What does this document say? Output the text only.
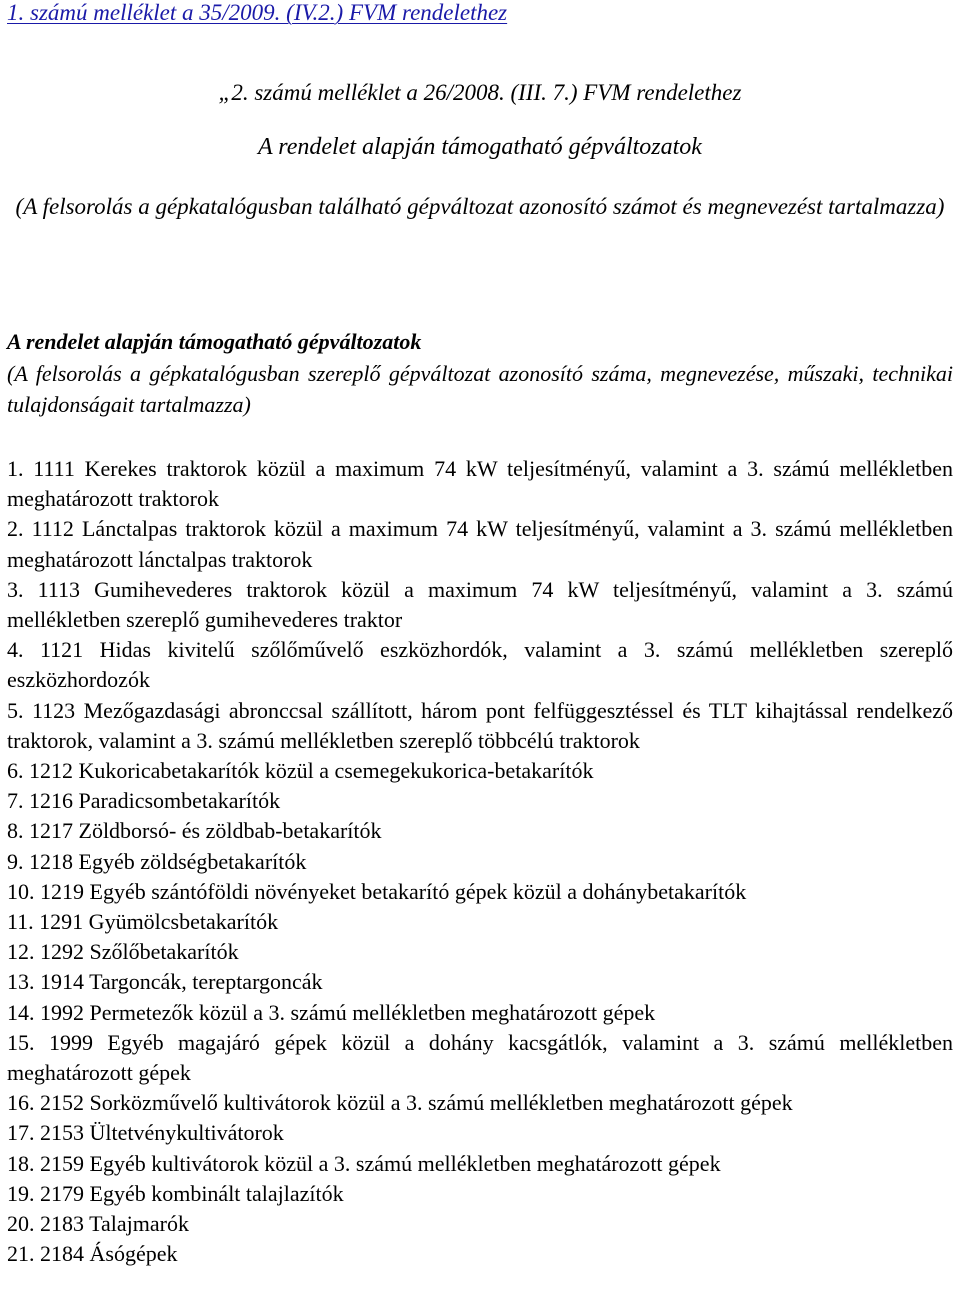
1. számú melléklet a 35/2009. (IV.2.) FVM rendelethez
„2. számú melléklet a 26/2008. (III. 7.) FVM rendelethez
A rendelet alapján támogatható gépváltozatok
(A felsorolás a gépkatalógusban található gépváltozat azonosító számot és megnevezést tartalmazza)
A rendelet alapján támogatható gépváltozatok
(A felsorolás a gépkatalógusban szereplő gépváltozat azonosító száma, megnevezése, műszaki, technikai tulajdonságait tartalmazza)
1. 1111 Kerekes traktorok közül a maximum 74 kW teljesítményű, valamint a 3. számú mellékletben meghatározott traktorok
2. 1112 Lánctalpas traktorok közül a maximum 74 kW teljesítményű, valamint a 3. számú mellékletben meghatározott lánctalpas traktorok
3. 1113 Gumihevederes traktorok közül a maximum 74 kW teljesítményű, valamint a 3. számú mellékletben szereplő gumihevederes traktor
4. 1121 Hidas kivitelű szőlőművelő eszközhordók, valamint a 3. számú mellékletben szereplő eszközhordozók
5. 1123 Mezőgazdasági abronccsal szállított, három pont felfüggesztéssel és TLT kihajtással rendelkező traktorok, valamint a 3. számú mellékletben szereplő többcélú traktorok
6. 1212 Kukoricabetakarítók közül a csemegekukorica-betakarítók
7. 1216 Paradicsombetakarítók
8. 1217 Zöldborsó- és zöldbab-betakarítók
9. 1218 Egyéb zöldségbetakarítók
10. 1219 Egyéb szántóföldi növényeket betakarító gépek közül a dohánybetakarítók
11. 1291 Gyümölcsbetakarítók
12. 1292 Szőlőbetakarítók
13. 1914 Targoncák, tereptargoncák
14. 1992 Permetezők közül a 3. számú mellékletben meghatározott gépek
15. 1999 Egyéb magajáró gépek közül a dohány kacsgátlók, valamint a 3. számú mellékletben meghatározott gépek
16. 2152 Sorközművelő kultivátorok közül a 3. számú mellékletben meghatározott gépek
17. 2153 Ültetvénykultivátorok
18. 2159 Egyéb kultivátorok közül a 3. számú mellékletben meghatározott gépek
19. 2179 Egyéb kombinált talajlazítók
20. 2183 Talajmarók
21. 2184 Ásógépek
